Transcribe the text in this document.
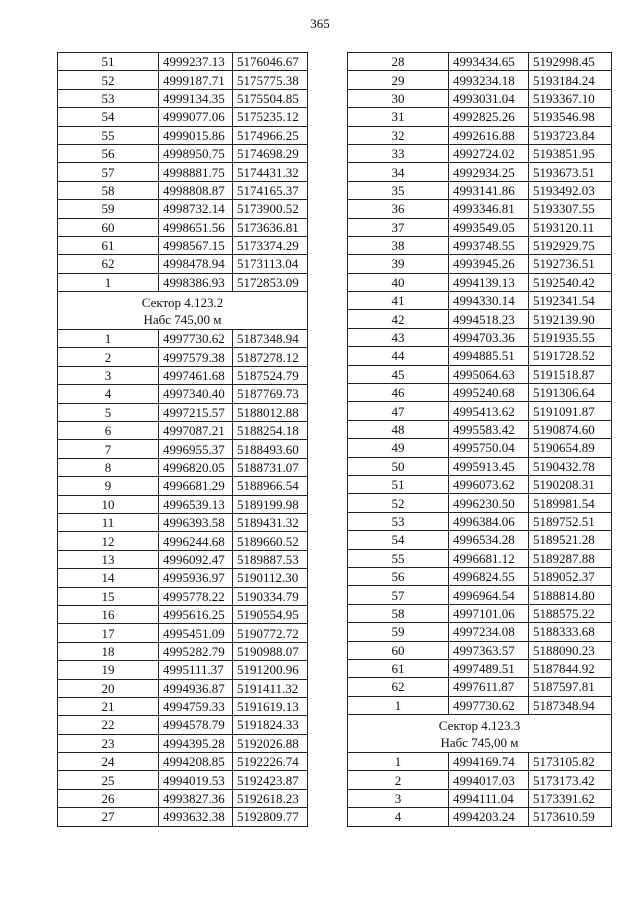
365
51	4999237.13	5176046.67
52	4999187.71	5175775.38
53	4999134.35	5175504.85
54	4999077.06	5175235.12
55	4999015.86	5174966.25
56	4998950.75	5174698.29
57	4998881.75	5174431.32
58	4998808.87	5174165.37
59	4998732.14	5173900.52
60	4998651.56	5173636.81
61	4998567.15	5173374.29
62	4998478.94	5173113.04
1	4998386.93	5172853.09

Сектор 4.123.2
Набс 745,00 м		

1	4997730.62	5187348.94
2	4997579.38	5187278.12
3	4997461.68	5187524.79
4	4997340.40	5187769.73
5	4997215.57	5188012.88
6	4997087.21	5188254.18
7	4996955.37	5188493.60
8	4996820.05	5188731.07
9	4996681.29	5188966.54
10	4996539.13	5189199.98
11	4996393.58	5189431.32
12	4996244.68	5189660.52
13	4996092.47	5189887.53
14	4995936.97	5190112.30
15	4995778.22	5190334.79
16	4995616.25	5190554.95
17	4995451.09	5190772.72
18	4995282.79	5190988.07
19	4995111.37	5191200.96
20	4994936.87	5191411.32
21	4994759.33	5191619.13
22	4994578.79	5191824.33
23	4994395.28	5192026.88
24	4994208.85	5192226.74
25	4994019.53	5192423.87
26	4993827.36	5192618.23
27	4993632.38	5192809.77
28	4993434.65	5192998.45
29	4993234.18	5193184.24
30	4993031.04	5193367.10
31	4992825.26	5193546.98
32	4992616.88	5193723.84
33	4992724.02	5193851.95
34	4992934.25	5193673.51
35	4993141.86	5193492.03
36	4993346.81	5193307.55
37	4993549.05	5193120.11
38	4993748.55	5192929.75
39	4993945.26	5192736.51
40	4994139.13	5192540.42
41	4994330.14	5192341.54
42	4994518.23	5192139.90
43	4994703.36	5191935.55
44	4994885.51	5191728.52
45	4995064.63	5191518.87
46	4995240.68	5191306.64
47	4995413.62	5191091.87
48	4995583.42	5190874.60
49	4995750.04	5190654.89
50	4995913.45	5190432.78
51	4996073.62	5190208.31
52	4996230.50	5189981.54
53	4996384.06	5189752.51
54	4996534.28	5189521.28
55	4996681.12	5189287.88
56	4996824.55	5189052.37
57	4996964.54	5188814.80
58	4997101.06	5188575.22
59	4997234.08	5188333.68
60	4997363.57	5188090.23
61	4997489.51	5187844.92
62	4997611.87	5187597.81
1	4997730.62	5187348.94

Сектор 4.123.3
Набс 745,00 м		

1	4994169.74	5173105.82
2	4994017.03	5173173.42
3	4994111.04	5173391.62
4	4994203.24	5173610.59
